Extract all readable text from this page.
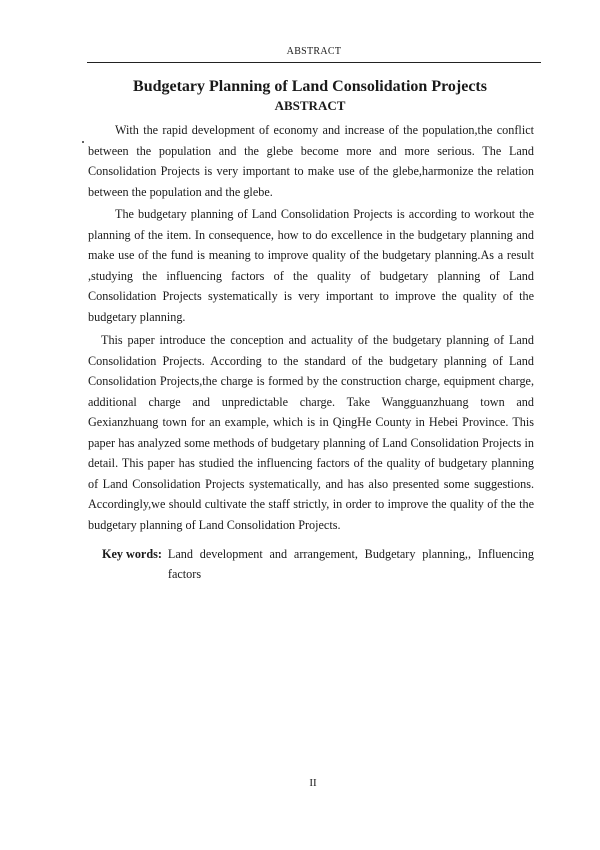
ABSTRACT
Budgetary Planning of Land Consolidation Projects
ABSTRACT

With the rapid development of economy and increase of the population,the conflict between the population and the glebe become more and more serious. The Land Consolidation Projects is very important to make use of the glebe,harmonize the relation between the population and the glebe.

The budgetary planning of Land Consolidation Projects is according to workout the planning of the item. In consequence, how to do excellence in the budgetary planning and make use of the fund is meaning to improve quality of the budgetary planning.As a result ,studying the influencing factors of the quality of budgetary planning of Land Consolidation Projects systematically is very important to improve the quality of the budgetary planning.

This paper introduce the conception and actuality of the budgetary planning of Land Consolidation Projects. According to the standard of the budgetary planning of Land Consolidation Projects,the charge is formed by the construction charge, equipment charge, additional charge and unpredictable charge. Take Wangguanzhuang town and Gexianzhuang town for an example, which is in QingHe County in Hebei Province. This paper has analyzed some methods of budgetary planning of Land Consolidation Projects in detail. This paper has studied the influencing factors of the quality of budgetary planning of Land Consolidation Projects systematically, and has also presented some suggestions. Accordingly,we should cultivate the staff strictly, in order to improve the quality of the the budgetary planning of Land Consolidation Projects.

Key words: Land development and arrangement, Budgetary planning,, Influencing factors
II
